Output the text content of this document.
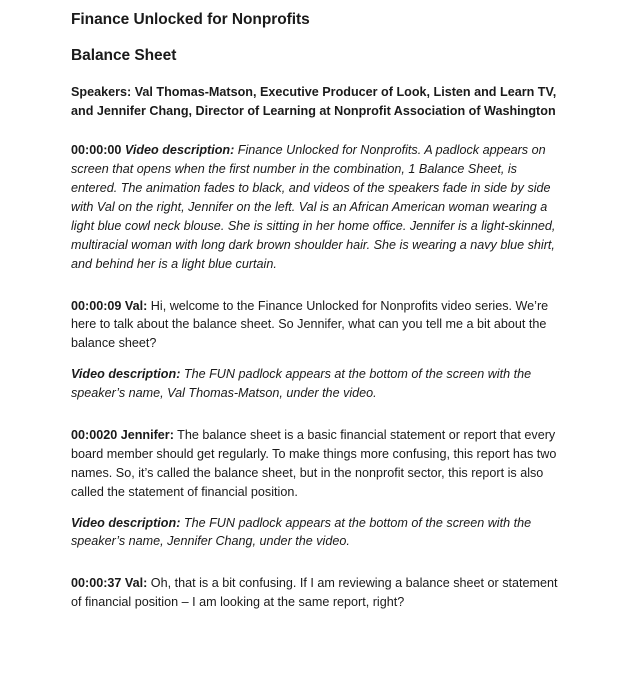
Finance Unlocked for Nonprofits
Balance Sheet

Speakers: Val Thomas-Matson, Executive Producer of Look, Listen and Learn TV, and Jennifer Chang, Director of Learning at Nonprofit Association of Washington

00:00:00 Video description: Finance Unlocked for Nonprofits. A padlock appears on screen that opens when the first number in the combination, 1 Balance Sheet, is entered. The animation fades to black, and videos of the speakers fade in side by side with Val on the right, Jennifer on the left. Val is an African American woman wearing a light blue cowl neck blouse. She is sitting in her home office. Jennifer is a light-skinned, multiracial woman with long dark brown shoulder hair. She is wearing a navy blue shirt, and behind her is a light blue curtain.

00:00:09 Val: Hi, welcome to the Finance Unlocked for Nonprofits video series. We’re here to talk about the balance sheet. So Jennifer, what can you tell me a bit about the balance sheet?

Video description: The FUN padlock appears at the bottom of the screen with the speaker’s name, Val Thomas-Matson, under the video.

00:0020 Jennifer: The balance sheet is a basic financial statement or report that every board member should get regularly. To make things more confusing, this report has two names. So, it’s called the balance sheet, but in the nonprofit sector, this report is also called the statement of financial position.

Video description: The FUN padlock appears at the bottom of the screen with the speaker’s name, Jennifer Chang, under the video.

00:00:37 Val: Oh, that is a bit confusing. If I am reviewing a balance sheet or statement of financial position – I am looking at the same report, right?
